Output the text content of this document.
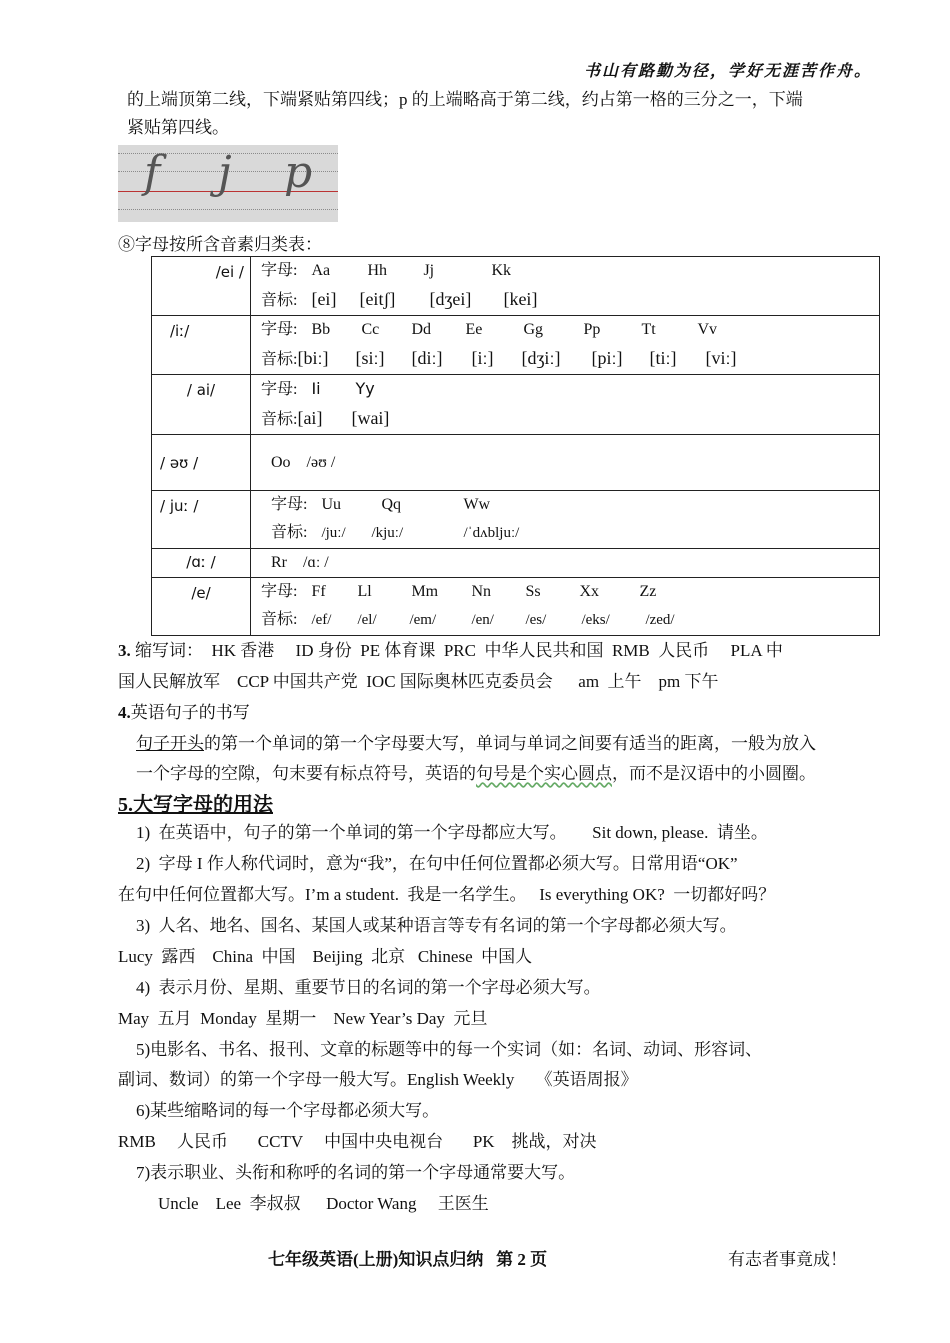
书山有路勤为径，学好无涯苦作舟。
的上端顶第二线，下端紧贴第四线；p 的上端略高于第二线，约占第一格的三分之一，下端
紧贴第四线。
f j p
⑧字母按所含音素归类表：
/ei /	字母: Aa Hh Jj Kk
音标: [ei] [eitʃ] [dʒei] [kei]

/iː/	字母: Bb Cc Dd Ee Gg Pp Tt Vv
音标:[biː] [siː] [diː] [iː] [dʒiː] [piː] [tiː] [viː]

/ ai/	字母: Ii Yy
音标:[ai] [wai]

/ əʊ /	Oo    /əʊ /

/ juː /	字母: Uu Qq Ww
音标: /juː/ /kjuː/ /ˈdʌbljuː/

/ɑː /	Rr    /ɑː /

/e/	字母: Ff Ll Mm Nn Ss Xx Zz
音标: /ef/ /el/ /em/ /en/ /es/ /eks/ /zed/
3. 缩写词：  HK 香港     ID 身份  PE 体育课  PRC  中华人民共和国  RMB  人民币     PLA 中
国人民解放军    CCP 中国共产党  IOC 国际奥林匹克委员会      am  上午    pm 下午
4.英语句子的书写
句子开头的第一个单词的第一个字母要大写，单词与单词之间要有适当的距离，一般为放入
一个字母的空隙，句末要有标点符号，英语的句号是个实心圆点，而不是汉语中的小圆圈。
5.大写字母的用法
1)  在英语中，句子的第一个单词的第一个字母都应大写。      Sit down, please.  请坐。
2)  字母 I 作人称代词时，意为“我”，在句中任何位置都必须大写。日常用语“OK”
在句中任何位置都大写。I’m a student.  我是一名学生。   Is everything OK?  一切都好吗？
3)  人名、地名、国名、某国人或某种语言等专有名词的第一个字母都必须大写。
Lucy  露西    China  中国    Beijing  北京   Chinese  中国人
4)  表示月份、星期、重要节日的名词的第一个字母必须大写。
May  五月  Monday  星期一    New Year’s Day  元旦
5)电影名、书名、报刊、文章的标题等中的每一个实词（如：名词、动词、形容词、
副词、数词）的第一个字母一般大写。English Weekly     《英语周报》
6)某些缩略词的每一个字母都必须大写。
RMB     人民币       CCTV     中国中央电视台       PK    挑战，对决
7)表示职业、头衔和称呼的名词的第一个字母通常要大写。
Uncle    Lee  李叔叔      Doctor Wang     王医生
七年级英语(上册)知识点归纳   第 2 页	有志者事竟成！
